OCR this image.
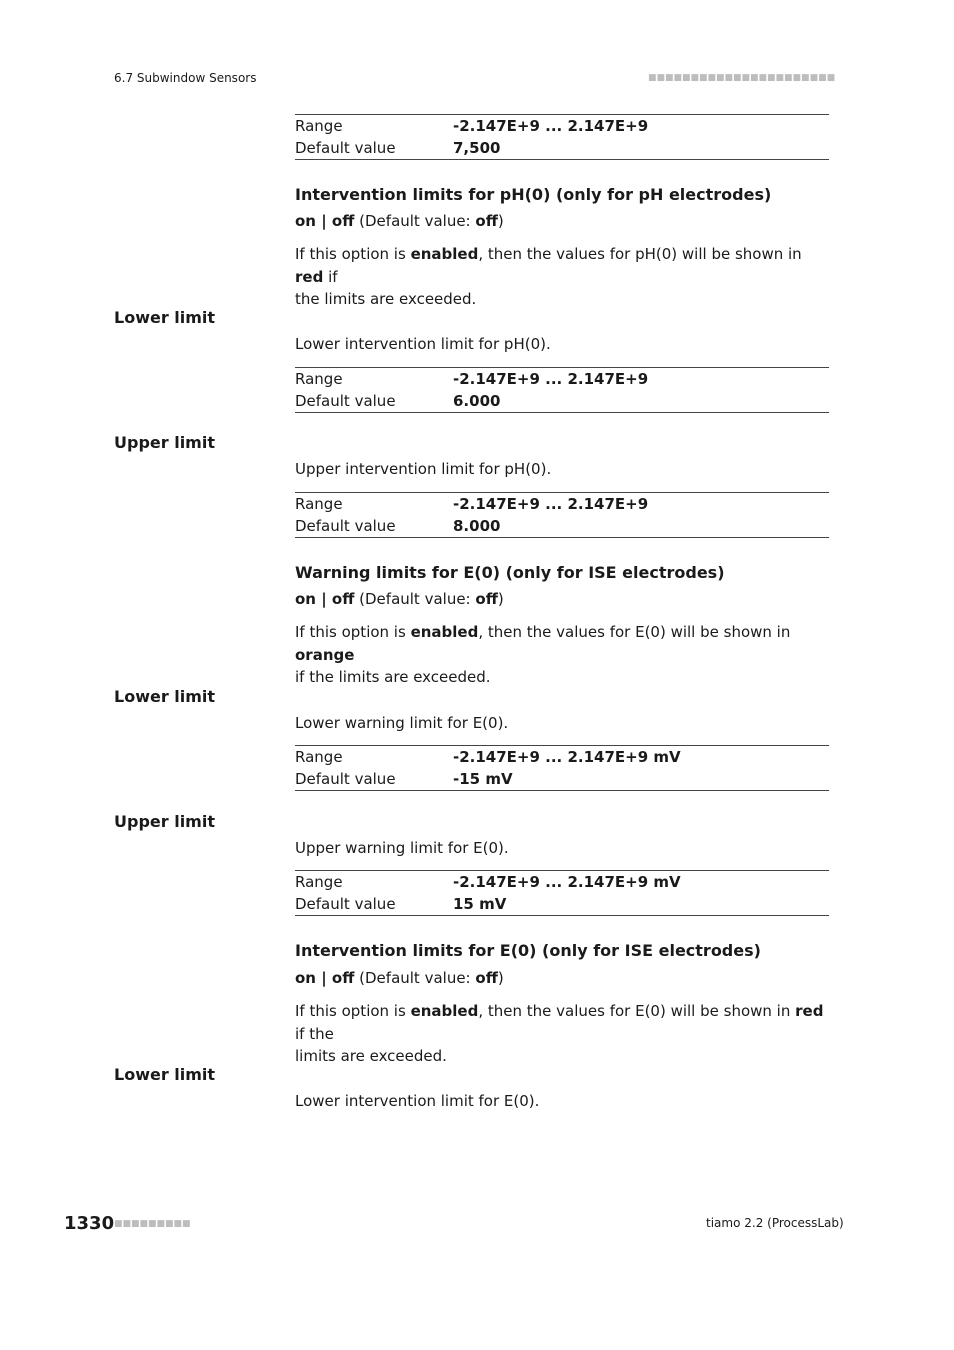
6.7 Subwindow Sensors	■■■■■■■■■■■■■■■■■■■■■■
Range	-2.147E+9 ... 2.147E+9
Default value	7,500
Intervention limits for pH(0) (only for pH electrodes)
on | off (Default value: off)
If this option is enabled, then the values for pH(0) will be shown in red if
the limits are exceeded.
Lower limit
Lower intervention limit for pH(0).
Range	-2.147E+9 ... 2.147E+9
Default value	6.000
Upper limit
Upper intervention limit for pH(0).
Range	-2.147E+9 ... 2.147E+9
Default value	8.000
Warning limits for E(0) (only for ISE electrodes)
on | off (Default value: off)
If this option is enabled, then the values for E(0) will be shown in orange
if the limits are exceeded.
Lower limit
Lower warning limit for E(0).
Range	-2.147E+9 ... 2.147E+9 mV
Default value	-15 mV
Upper limit
Upper warning limit for E(0).
Range	-2.147E+9 ... 2.147E+9 mV
Default value	15 mV
Intervention limits for E(0) (only for ISE electrodes)
on | off (Default value: off)
If this option is enabled, then the values for E(0) will be shown in red if the
limits are exceeded.
Lower limit
Lower intervention limit for E(0).
1330 ■■■■■■■■■	tiamo 2.2 (ProcessLab)
